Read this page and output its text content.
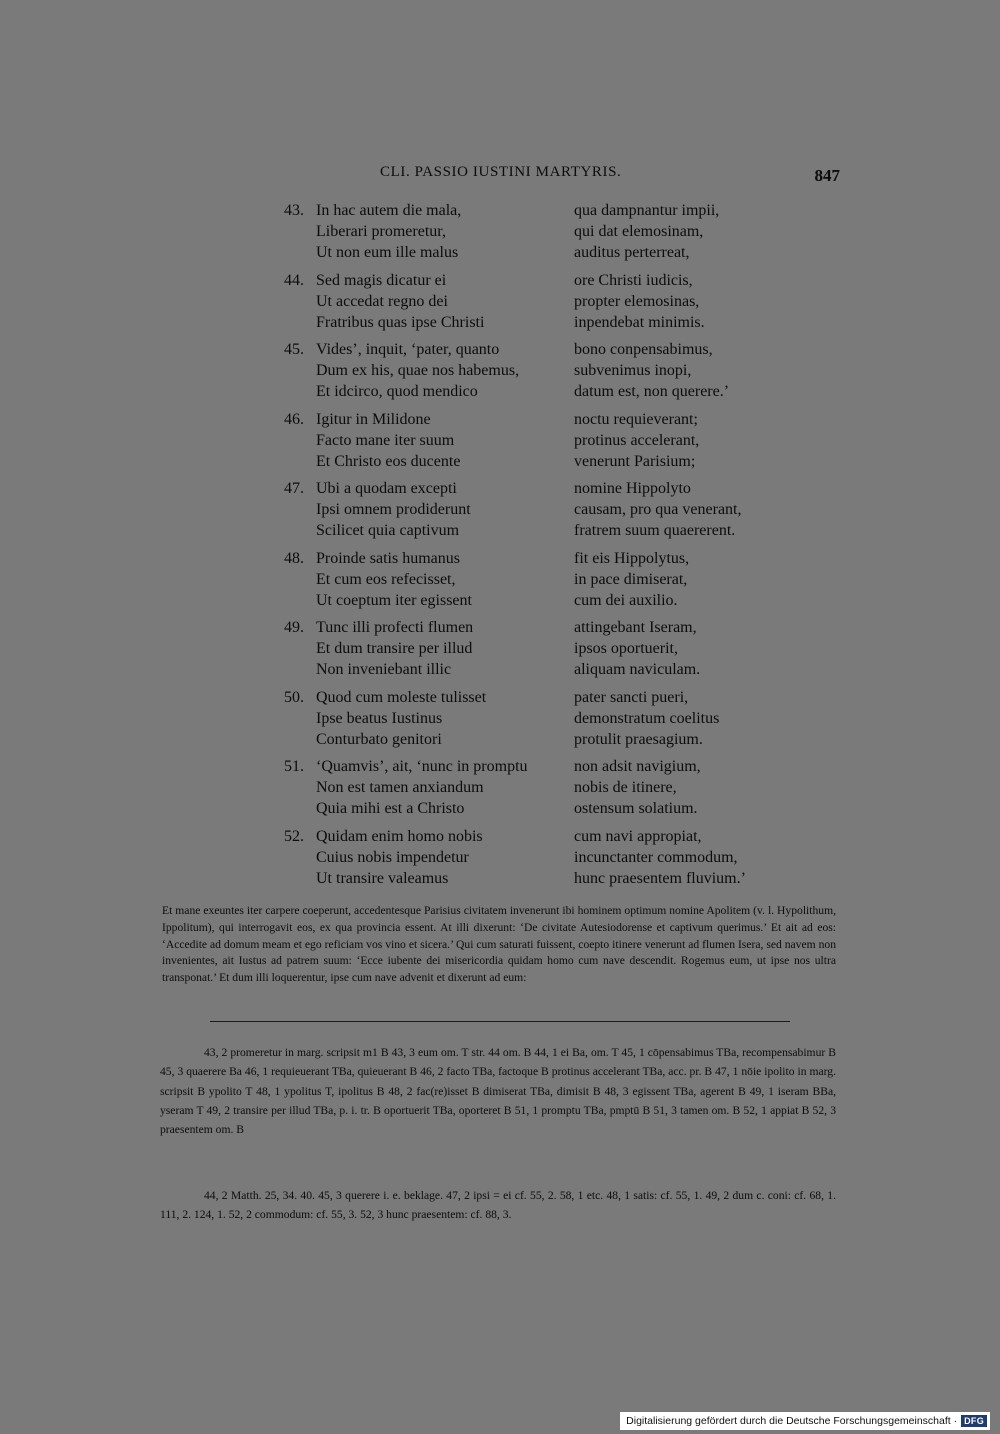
CLI. PASSIO IUSTINI MARTYRIS.	847
43. In hac autem die mala,	qua dampnantur impii,
Liberari promeretur,	qui dat elemosinam,
Ut non eum ille malus	auditus perterreat,
44. Sed magis dicatur ei	ore Christi iudicis,
Ut accedat regno dei	propter elemosinas,
Fratribus quas ipse Christi	inpendebat minimis.
45. Vides’, inquit, ‘pater, quanto	bono conpensabimus,
Dum ex his, quae nos habemus,	subvenimus inopi,
Et idcirco, quod mendico	datum est, non querere.’
46. Igitur in Milidone	noctu requieverant;
Facto mane iter suum	protinus accelerant,
Et Christo eos ducente	venerunt Parisium;
47. Ubi a quodam excepti	nomine Hippolyto
Ipsi omnem prodiderunt	causam, pro qua venerant,
Scilicet quia captivum	fratrem suum quaererent.
48. Proinde satis humanus	fit eis Hippolytus,
Et cum eos refecisset,	in pace dimiserat,
Ut coeptum iter egissent	cum dei auxilio.
49. Tunc illi profecti flumen	attingebant Iseram,
Et dum transire per illud	ipsos oportuerit,
Non inveniebant illic	aliquam naviculam.
50. Quod cum moleste tulisset	pater sancti pueri,
Ipse beatus Iustinus	demonstratum coelitus
Conturbato genitori	protulit praesagium.
51. ‘Quamvis’, ait, ‘nunc in promptu	non adsit navigium,
Non est tamen anxiandum	nobis de itinere,
Quia mihi est a Christo	ostensum solatium.
52. Quidam enim homo nobis	cum navi appropiat,
Cuius nobis impendetur	incunctanter commodum,
Ut transire valeamus	hunc praesentem fluvium.’

Et mane exeuntes iter carpere coeperunt, accedentesque Parisius civitatem invenerunt ibi hominem optimum nomine Apolitem (v. l. Hypolithum, Ippolitum), qui interrogavit eos, ex qua provincia essent. At illi dixerunt: ‘De civitate Autesiodorense et captivum querimus.’ Et ait ad eos: ‘Accedite ad domum meam et ego reficiam vos vino et sicera.’ Qui cum saturati fuissent, coepto itinere venerunt ad flumen Isera, sed navem non invenientes, ait Iustus ad patrem suum: ‘Ecce iubente dei misericordia quidam homo cum nave descendit. Rogemus eum, ut ipse nos ultra transponat.’ Et dum illi loquerentur, ipse cum nave advenit et dixerunt ad eum:

43, 2 promeretur in marg. scripsit m1 B 43, 3 eum om. T str. 44 om. B 44, 1 ei Ba, om. T 45, 1 cōpensabimus TBa, recompensabimur B 45, 3 quaerere Ba 46, 1 requieuerant TBa, quieuerant B 46, 2 facto TBa, factoque B protinus accelerant TBa, acc. pr. B 47, 1 nōie ipolito in marg. scripsit B ypolito T 48, 1 ypolitus T, ipolitus B 48, 2 fac(re)isset B dimiserat TBa, dimisit B 48, 3 egissent TBa, agerent B 49, 1 iseram BBa, yseram T 49, 2 transire per illud TBa, p. i. tr. B oportuerit TBa, oporteret B 51, 1 promptu TBa, pmptū B 51, 3 tamen om. B 52, 1 appiat B 52, 3 praesentem om. B

44, 2 Matth. 25, 34. 40. 45, 3 querere i. e. beklage. 47, 2 ipsi = ei cf. 55, 2. 58, 1 etc. 48, 1 satis: cf. 55, 1. 49, 2 dum c. coni: cf. 68, 1. 111, 2. 124, 1. 52, 2 commodum: cf. 55, 3. 52, 3 hunc praesentem: cf. 88, 3.

Digitalisierung gefördert durch die Deutsche Forschungsgemeinschaft · DFG
